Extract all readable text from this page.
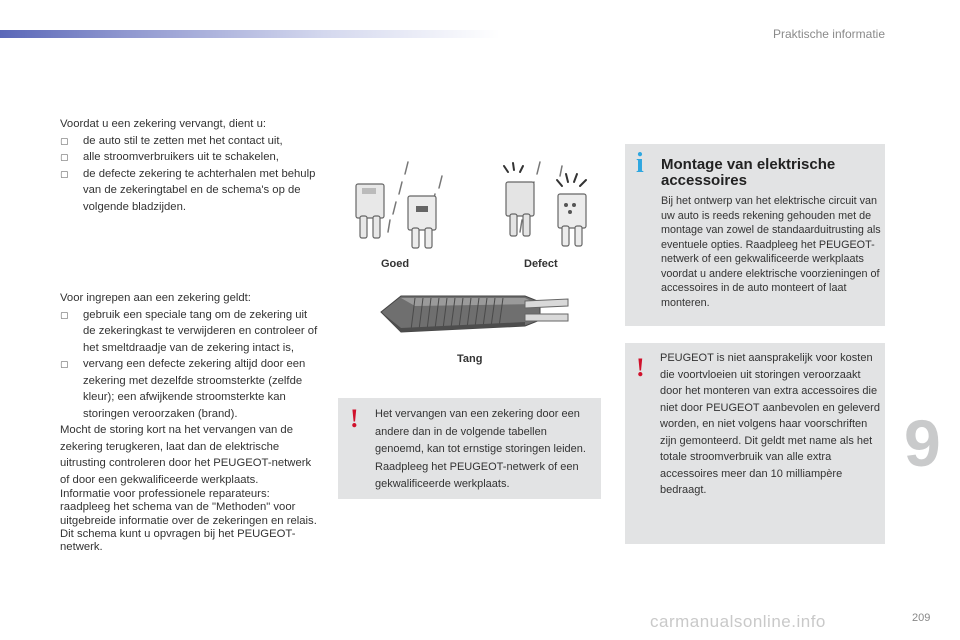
Praktische informatie

Voordat u een zekering vervangt, dient u:

▢ de auto stil te zetten met het contact uit,

▢ alle stroomverbruikers uit te schakelen,

▢ de defecte zekering te achterhalen met behulp van de zekeringtabel en de schema's op de volgende bladzijden.

Voor ingrepen aan een zekering geldt:

▢ gebruik een speciale tang om de zekering uit de zekeringkast te verwijderen en controleer of het smeltdraadje van de zekering intact is,

▢ vervang een defecte zekering altijd door een zekering met dezelfde stroomsterkte (zelfde kleur); een afwijkende stroomsterkte kan storingen veroorzaken (brand).

Mocht de storing kort na het vervangen van de zekering terugkeren, laat dan de elektrische uitrusting controleren door het PEUGEOT-netwerk of door een gekwalificeerde werkplaats.

Informatie voor professionele reparateurs: raadpleeg het schema van de "Methoden" voor uitgebreide informatie over de zekeringen en relais. Dit schema kunt u opvragen bij het PEUGEOT-netwerk.

Goed	Defect
Tang
! Het vervangen van een zekering door een andere dan in de volgende tabellen genoemd, kan tot ernstige storingen leiden. Raadpleeg het PEUGEOT-netwerk of een gekwalificeerde werkplaats.
i Montage van elektrische accessoires
Bij het ontwerp van het elektrische circuit van uw auto is reeds rekening gehouden met de montage van zowel de standaarduitrusting als eventuele opties. Raadpleeg het PEUGEOT-netwerk of een gekwalificeerde werkplaats voordat u andere elektrische voorzieningen of accessoires in de auto monteert of laat monteren.
! PEUGEOT is niet aansprakelijk voor kosten die voortvloeien uit storingen veroorzaakt door het monteren van extra accessoires die niet door PEUGEOT aanbevolen en geleverd worden, en niet volgens haar voorschriften zijn gemonteerd. Dit geldt met name als het totale stroomverbruik van alle extra accessoires meer dan 10 milliampère bedraagt.
9
carmanualsonline.info	209
